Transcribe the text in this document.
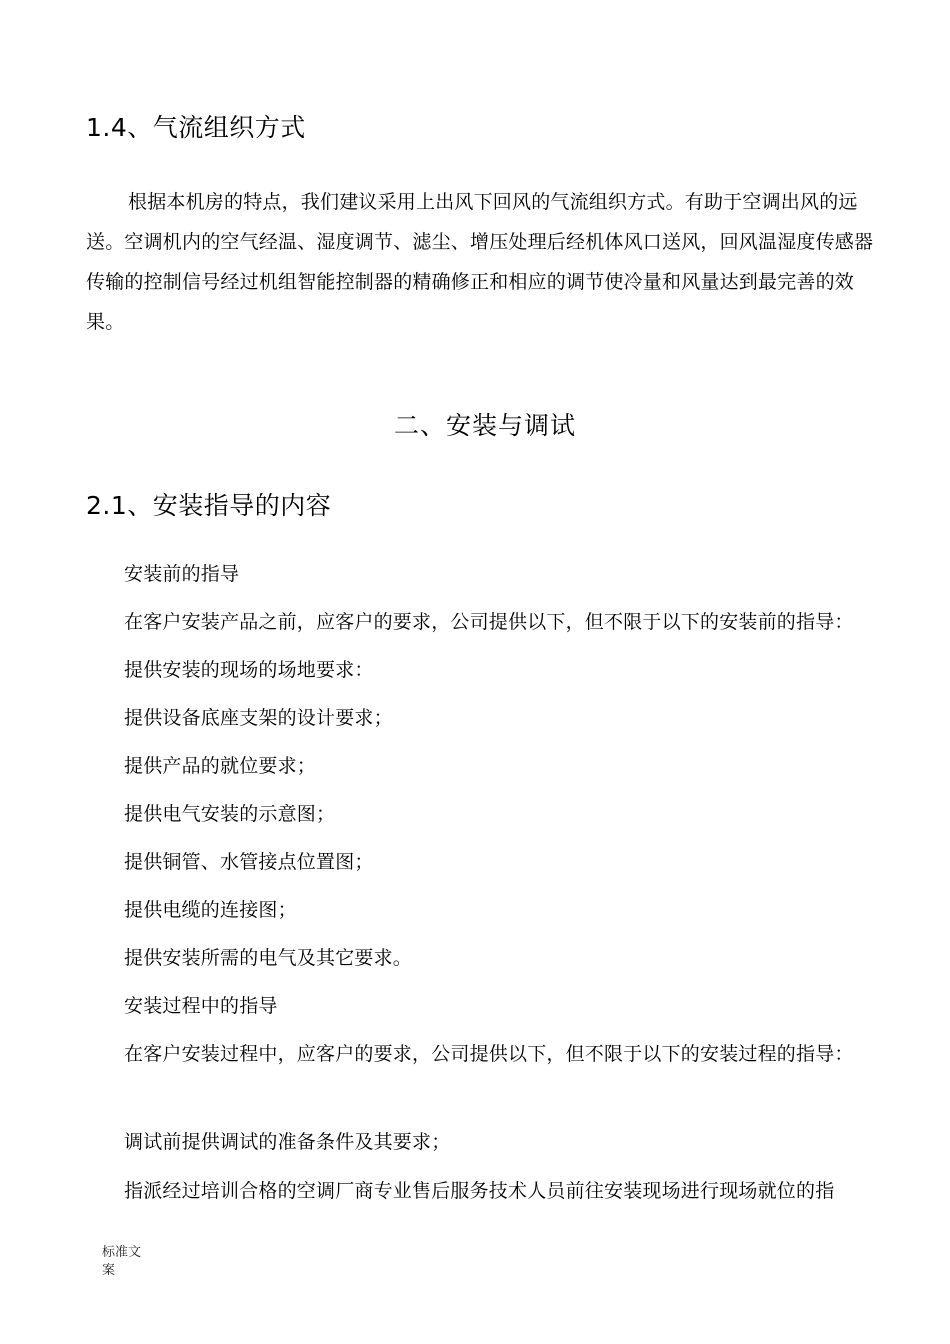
1.4、气流组织方式
根据本机房的特点，我们建议采用上出风下回风的气流组织方式。有助于空调出风的远送。空调机内的空气经温、湿度调节、滤尘、增压处理后经机体风口送风，回风温湿度传感器传输的控制信号经过机组智能控制器的精确修正和相应的调节使冷量和风量达到最完善的效果。
二、安装与调试
2.1、安装指导的内容
安装前的指导
在客户安装产品之前，应客户的要求，公司提供以下，但不限于以下的安装前的指导：
提供安装的现场的场地要求：
提供设备底座支架的设计要求；
提供产品的就位要求；
提供电气安装的示意图；
提供铜管、水管接点位置图；
提供电缆的连接图；
提供安装所需的电气及其它要求。
安装过程中的指导
在客户安装过程中，应客户的要求，公司提供以下，但不限于以下的安装过程的指导：
调试前提供调试的准备条件及其要求；
指派经过培训合格的空调厂商专业售后服务技术人员前往安装现场进行现场就位的指
标准文案
